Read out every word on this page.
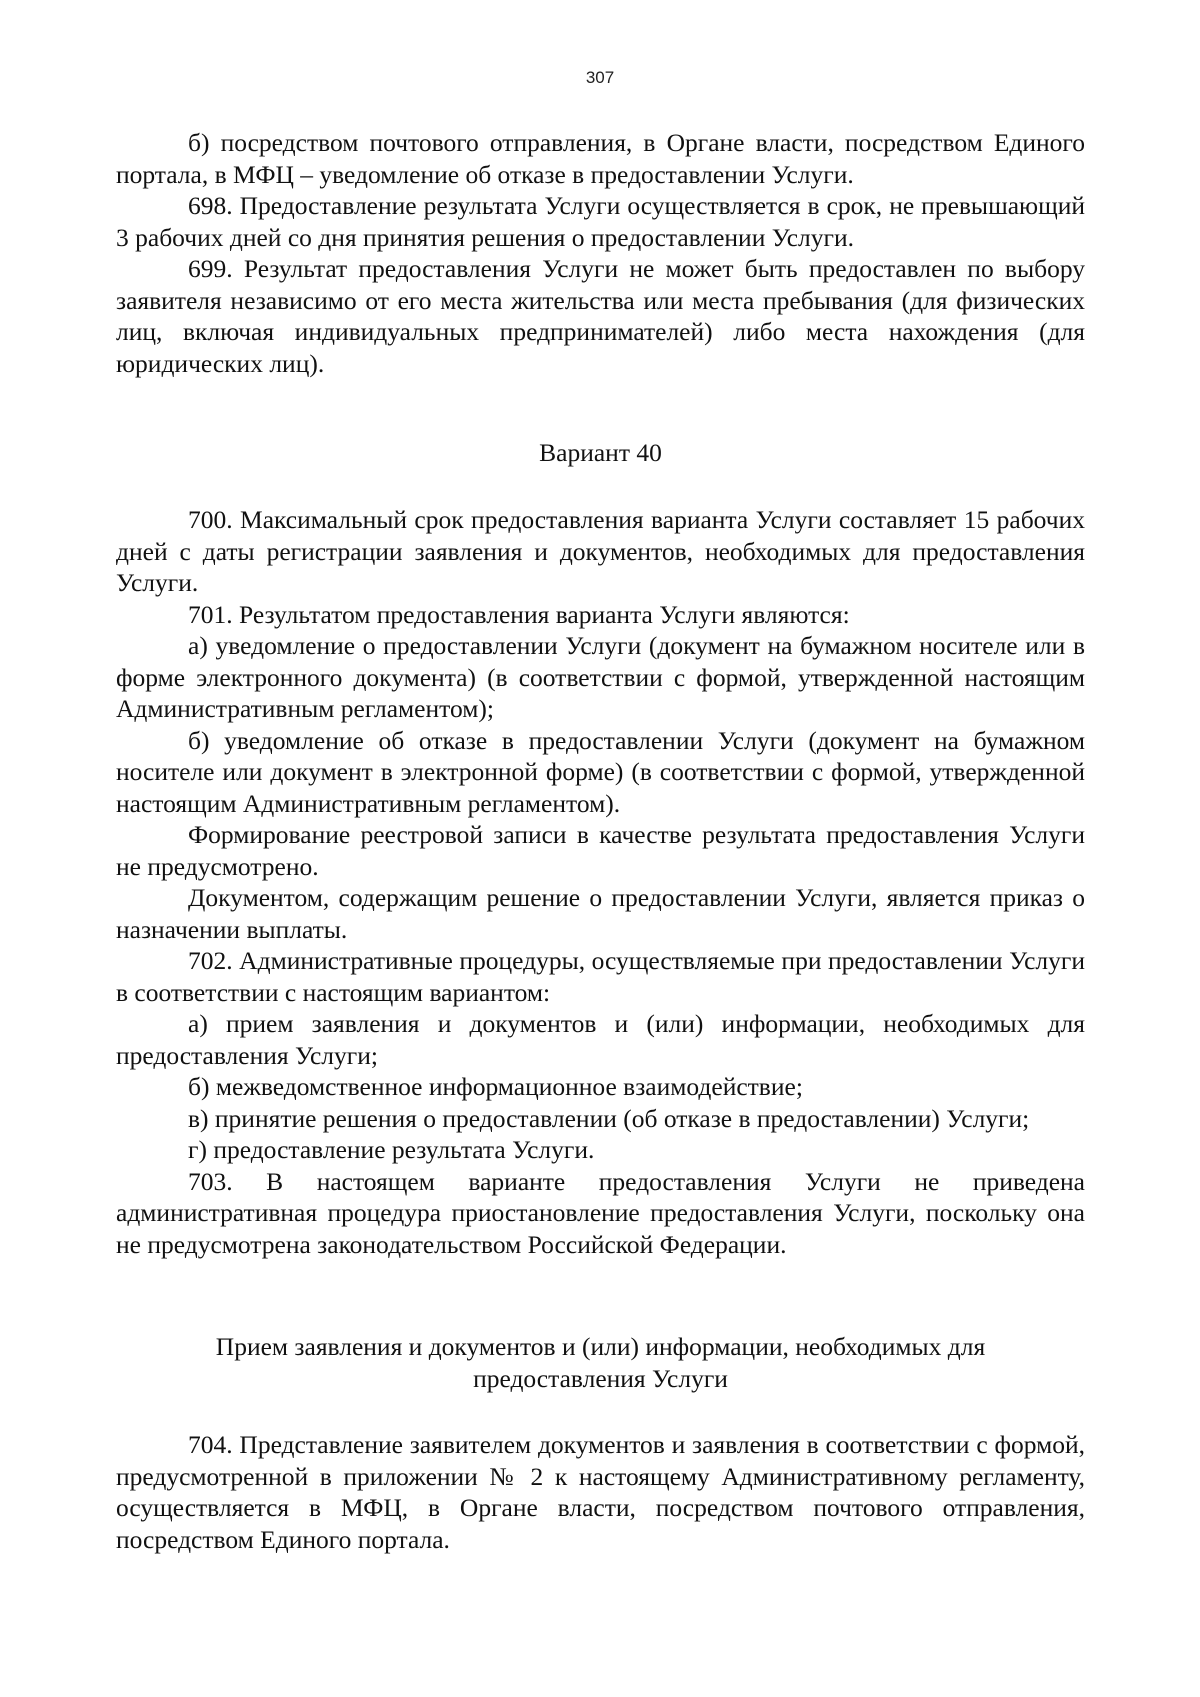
307

б) посредством почтового отправления, в Органе власти, посредством Единого портала, в МФЦ – уведомление об отказе в предоставлении Услуги.

698. Предоставление результата Услуги осуществляется в срок, не превышающий 3 рабочих дней со дня принятия решения о предоставлении Услуги.

699. Результат предоставления Услуги не может быть предоставлен по выбору заявителя независимо от его места жительства или места пребывания (для физических лиц, включая индивидуальных предпринимателей) либо места нахождения (для юридических лиц).

Вариант 40

700. Максимальный срок предоставления варианта Услуги составляет 15 рабочих дней с даты регистрации заявления и документов, необходимых для предоставления Услуги.

701. Результатом предоставления варианта Услуги являются:

а) уведомление о предоставлении Услуги (документ на бумажном носителе или в форме электронного документа) (в соответствии с формой, утвержденной настоящим Административным регламентом);

б) уведомление об отказе в предоставлении Услуги (документ на бумажном носителе или документ в электронной форме) (в соответствии с формой, утвержденной настоящим Административным регламентом).

Формирование реестровой записи в качестве результата предоставления Услуги не предусмотрено.

Документом, содержащим решение о предоставлении Услуги, является приказ о назначении выплаты.

702. Административные процедуры, осуществляемые при предоставлении Услуги в соответствии с настоящим вариантом:

а) прием заявления и документов и (или) информации, необходимых для предоставления Услуги;

б) межведомственное информационное взаимодействие;

в) принятие решения о предоставлении (об отказе в предоставлении) Услуги;

г) предоставление результата Услуги.

703. В настоящем варианте предоставления Услуги не приведена административная процедура приостановление предоставления Услуги, поскольку она не предусмотрена законодательством Российской Федерации.

Прием заявления и документов и (или) информации, необходимых для
предоставления Услуги

704. Представление заявителем документов и заявления в соответствии с формой, предусмотренной в приложении № 2 к настоящему Административному регламенту, осуществляется в МФЦ, в Органе власти, посредством почтового отправления, посредством Единого портала.
